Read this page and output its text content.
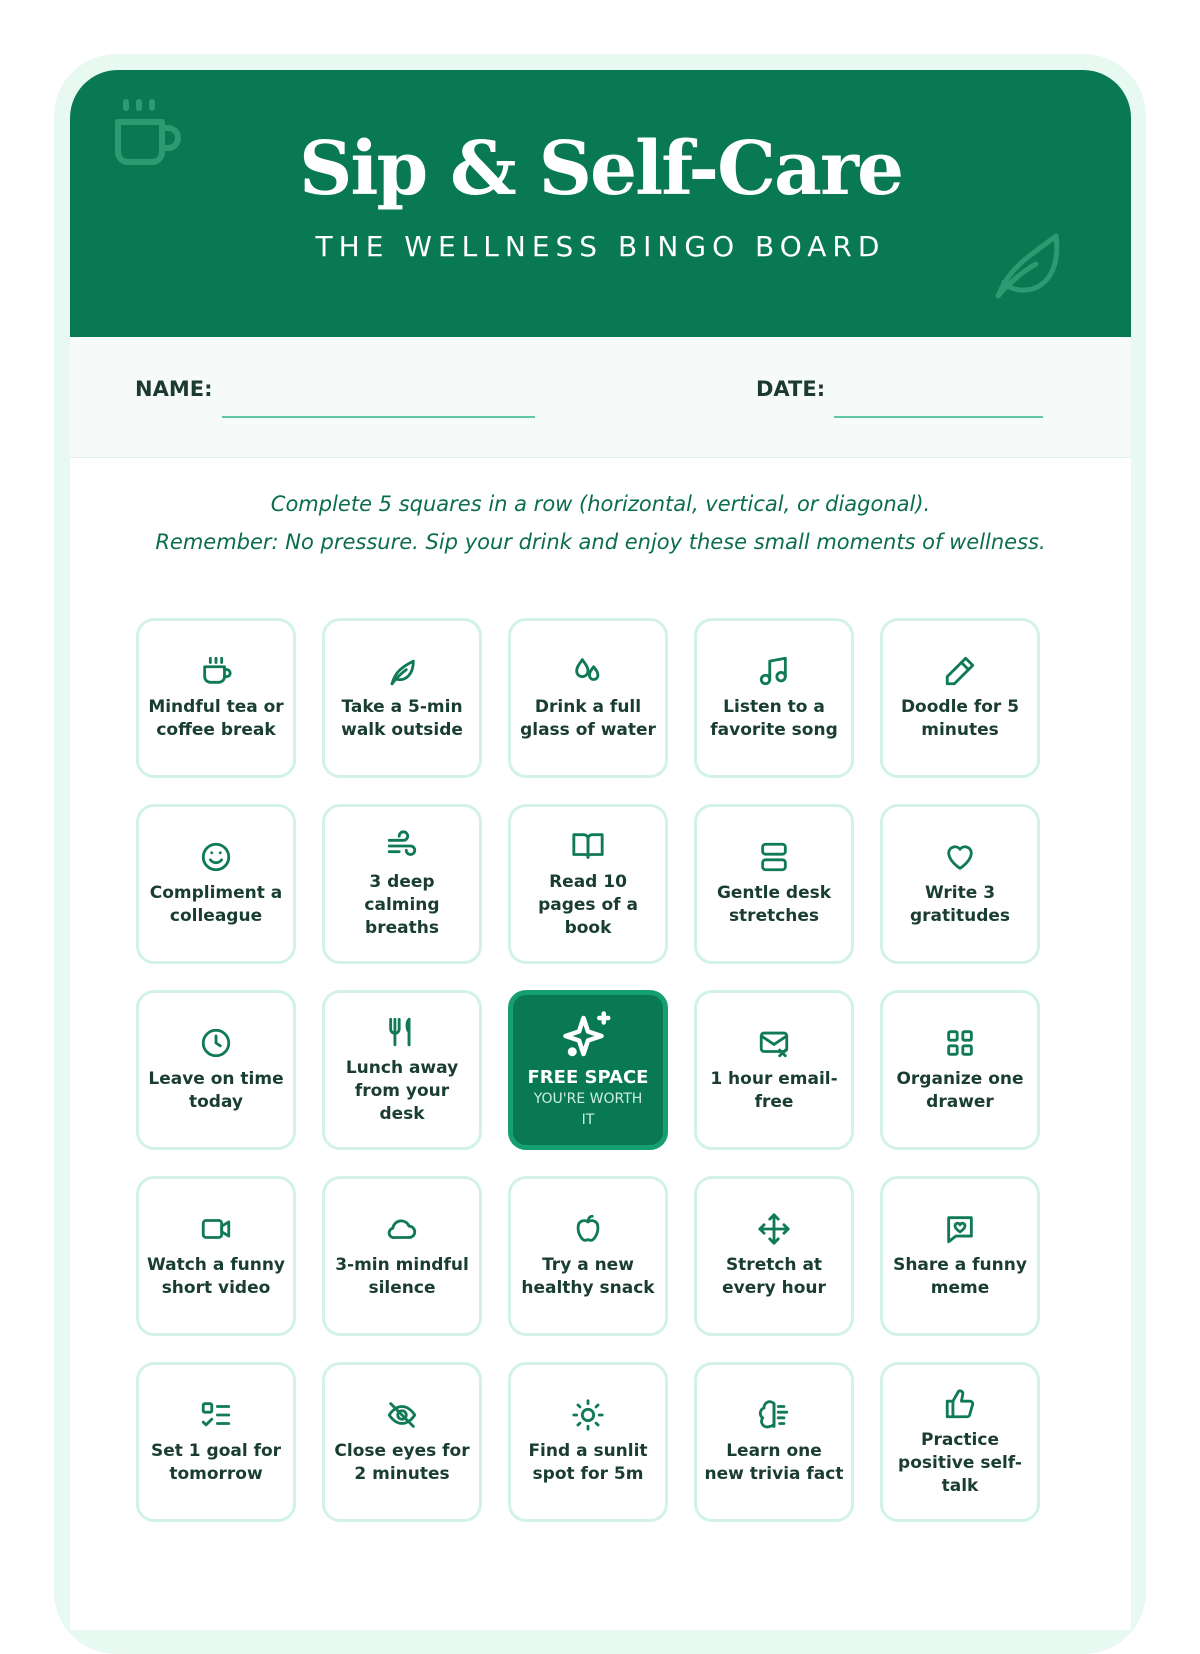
Sip & Self-Care
THE WELLNESS BINGO BOARD
NAME:	DATE:
Complete 5 squares in a row (horizontal, vertical, or diagonal).
Remember: No pressure. Sip your drink and enjoy these small moments of wellness.
Mindful tea or coffee break
Take a 5-min walk outside
Drink a full glass of water
Listen to a favorite song
Doodle for 5 minutes
Compliment a colleague
3 deep calming breaths
Read 10 pages of a book
Gentle desk stretches
Write 3 gratitudes
Leave on time today
Lunch away from your desk
FREE SPACE
YOU'RE WORTH IT
1 hour email-free
Organize one drawer
Watch a funny short video
3-min mindful silence
Try a new healthy snack
Stretch at every hour
Share a funny meme
Set 1 goal for tomorrow
Close eyes for 2 minutes
Find a sunlit spot for 5m
Learn one new trivia fact
Practice positive self-talk
